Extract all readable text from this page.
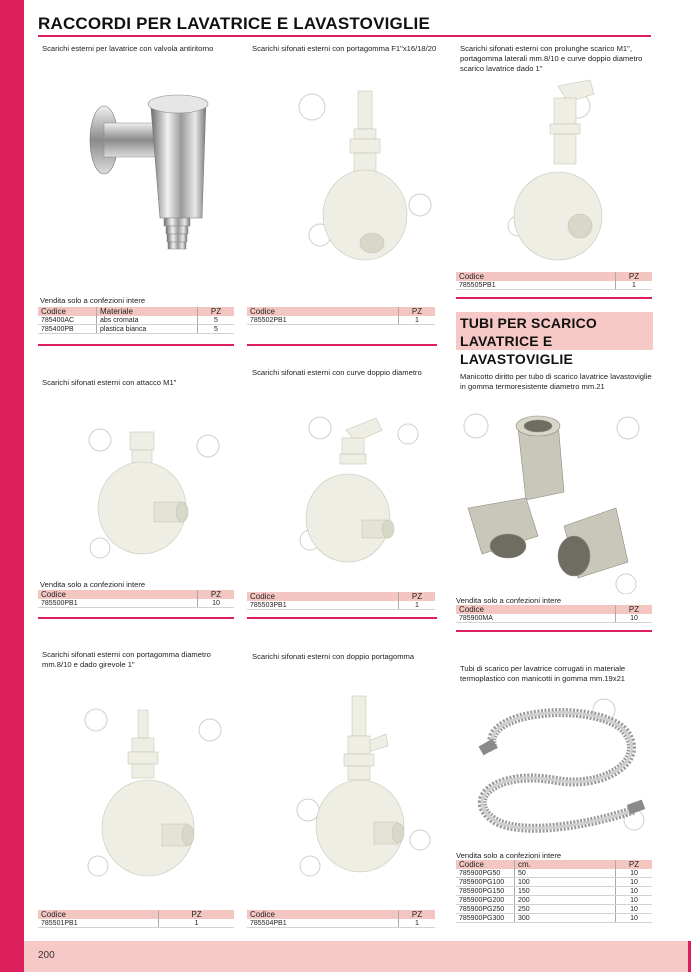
200
RACCORDI PER LAVATRICE E LAVASTOVIGLIE
Scarichi esterni per lavatrice con valvola antiritorno
Vendita solo a confezioni intere
Codice	Materiale	PZ
785400AC	abs cromata	5
785400PB	plastica bianca	5
Scarichi sifonati esterni con portagomma F1"x16/18/20
Codice	PZ
785502PB1	1
Scarichi sifonati esterni con prolunghe scarico M1", portagomma laterali mm.8/10 e curve doppio diametro scarico lavatrice dado 1"
Codice	PZ
785505PB1	1
TUBI PER SCARICO LAVATRICE E LAVASTOVIGLIE
Scarichi sifonati esterni con attacco M1"
Vendita solo a confezioni intere
Codice	PZ
785500PB1	10
Scarichi sifonati esterni con curve doppio diametro
Codice	PZ
785503PB1	1
Manicotto diritto per tubo di scarico lavatrice lavastoviglie in gomma termoresistente diametro mm.21
Vendita solo a confezioni intere
Codice	PZ
785900MA	10
Scarichi sifonati esterni con portagomma diametro mm.8/10 e dado girevole 1"
Codice	PZ
785501PB1	1
Scarichi sifonati esterni con doppio portagomma
Codice	PZ
785504PB1	1
Tubi di scarico per lavatrice corrugati in materiale termoplastico con manicotti in gomma mm.19x21
Vendita solo a confezioni intere
Codice	cm.	PZ
785900PG50	50	10
785900PG100	100	10
785900PG150	150	10
785900PG200	200	10
785900PG250	250	10
785900PG300	300	10
